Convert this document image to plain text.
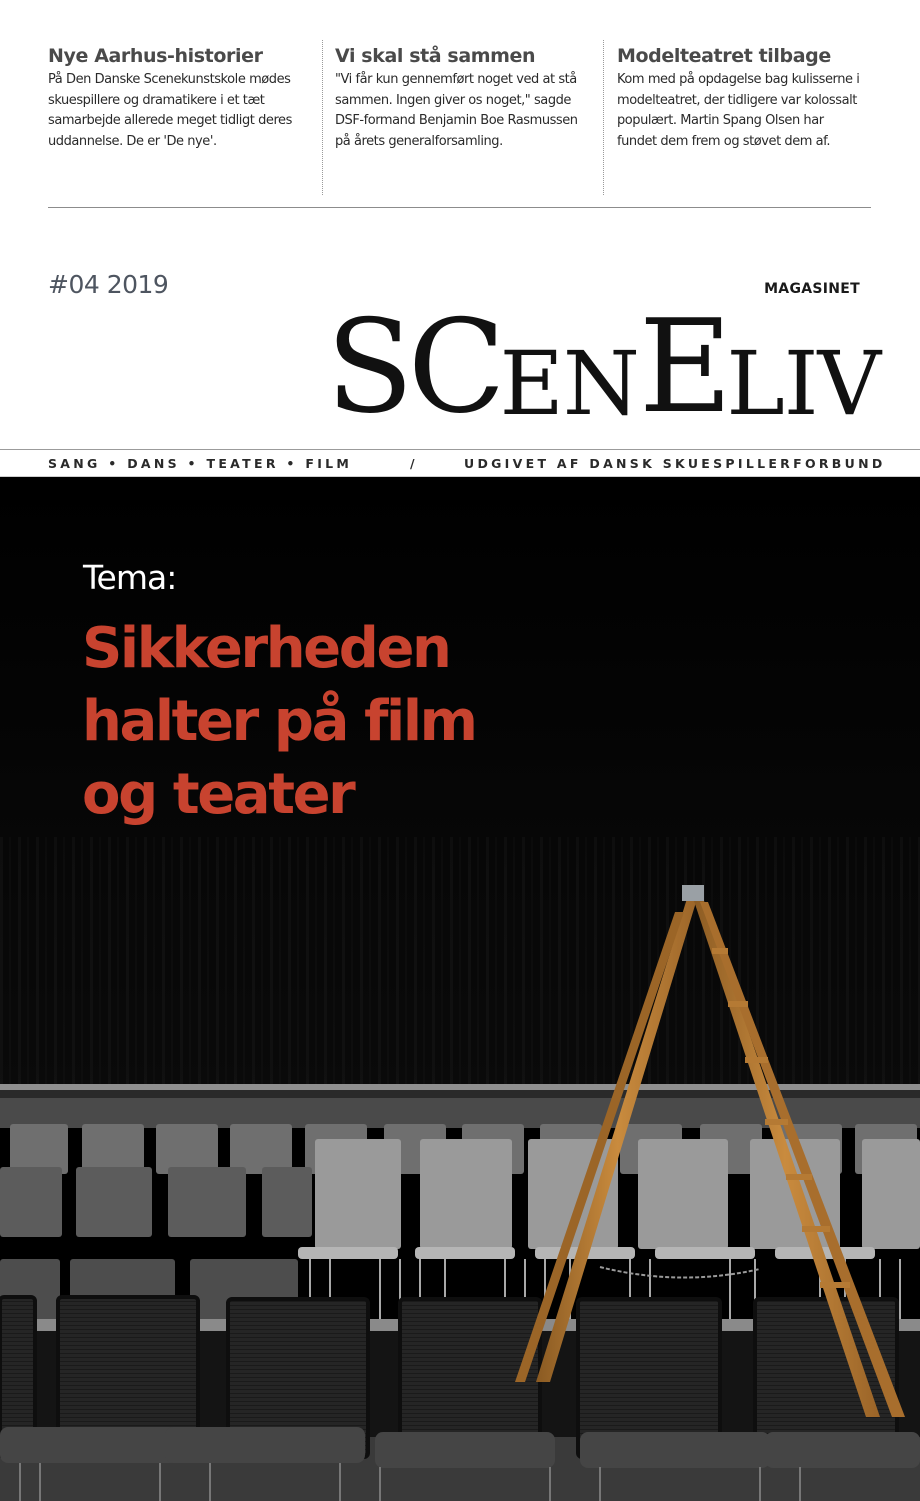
Nye Aarhus-historier

På Den Danske Scenekunstskole mødes
skuespillere og dramatikere i et tæt
samarbejde allerede meget tidligt deres
uddannelse. De er 'De nye'.

Vi skal stå sammen

"Vi får kun gennemført noget ved at stå
sammen. Ingen giver os noget," sagde
DSF-formand Benjamin Boe Rasmussen
på årets generalforsamling.

Modelteatret tilbage

Kom med på opdagelse bag kulisserne i
modelteatret, der tidligere var kolossalt
populært. Martin Spang Olsen har
fundet dem frem og støvet dem af.

#04 2019	MAGASINET
SC EN E LIV
SANG • DANS • TEATER • FILM	/	UDGIVET AF DANSK SKUESPILLERFORBUND
Tema:
Sikkerheden
halter på film
og teater
